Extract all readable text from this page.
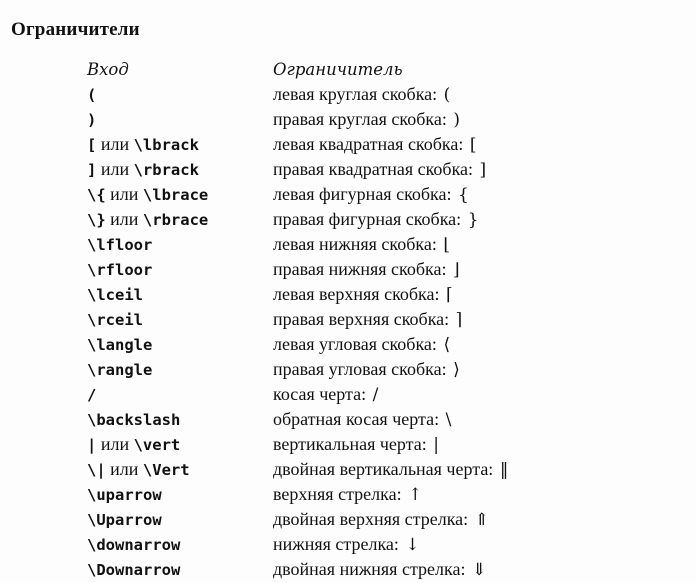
Ограничители
Вход	Ограничитель
(	левая круглая скобка: (
)	правая круглая скобка: )
[ или \lbrack	левая квадратная скобка: [
] или \rbrack	правая квадратная скобка: ]
\{ или \lbrace	левая фигурная скобка: {
\} или \rbrace	правая фигурная скобка: }
\lfloor	левая нижняя скобка: ⌊
\rfloor	правая нижняя скобка: ⌋
\lceil	левая верхняя скобка: ⌈
\rceil	правая верхняя скобка: ⌉
\langle	левая угловая скобка: ⟨
\rangle	правая угловая скобка: ⟩
/	косая черта: /
\backslash	обратная косая черта: \
| или \vert	вертикальная черта: |
\| или \Vert	двойная вертикальная черта: ‖
\uparrow	верхняя стрелка: ↑
\Uparrow	двойная верхняя стрелка: ⇑
\downarrow	нижняя стрелка: ↓
\Downarrow	двойная нижняя стрелка: ⇓
